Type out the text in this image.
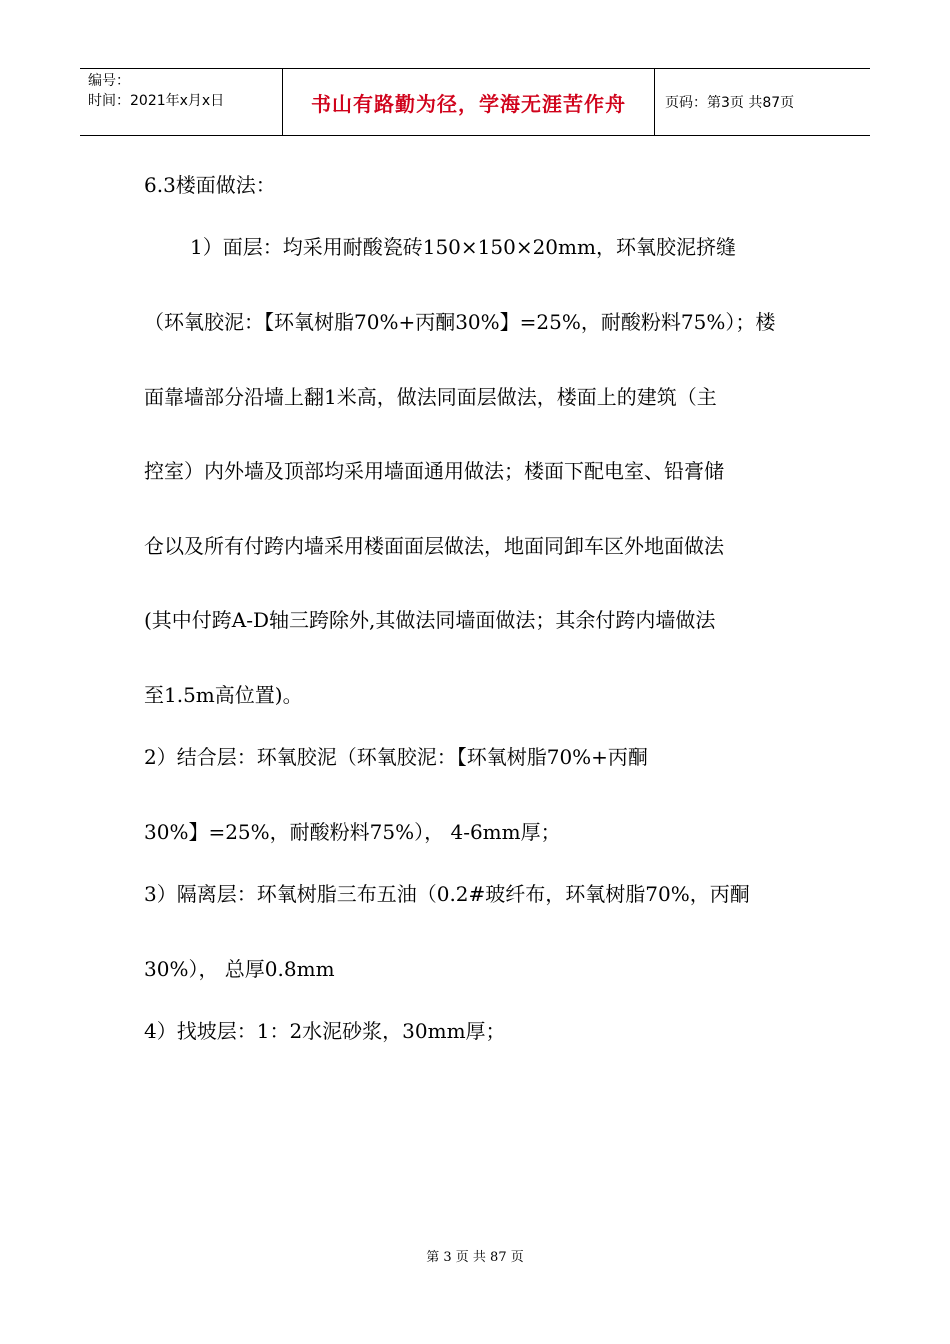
编号：
时间：2021年x月x日	书山有路勤为径，学海无涯苦作舟	页码：第3页 共87页

6.3楼面做法：

1）面层：均采用耐酸瓷砖150×150×20mm，环氧胶泥挤缝

（环氧胶泥：【环氧树脂70%+丙酮30%】=25%，耐酸粉料75%）；楼

面靠墙部分沿墙上翻1米高，做法同面层做法，楼面上的建筑（主

控室）内外墙及顶部均采用墙面通用做法；楼面下配电室、铅膏储

仓以及所有付跨内墙采用楼面面层做法，地面同卸车区外地面做法

(其中付跨A-D轴三跨除外,其做法同墙面做法；其余付跨内墙做法

至1.5m高位置)。

2）结合层：环氧胶泥（环氧胶泥：【环氧树脂70%+丙酮

30%】=25%，耐酸粉料75%）， 4-6mm厚；

3）隔离层：环氧树脂三布五油（0.2#玻纤布，环氧树脂70%，丙酮

30%）， 总厚0.8mm

4）找坡层：1：2水泥砂浆，30mm厚；

第 3 页 共 87 页
